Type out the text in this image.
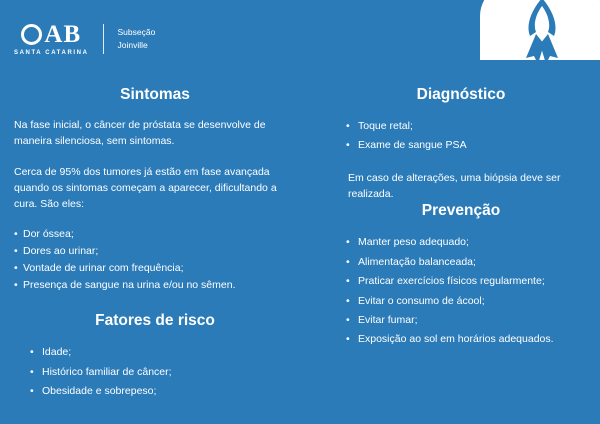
AB
SANTA CATARINA
Subseção
Joinville
Sintomas

Na fase inicial, o câncer de próstata se desenvolve de maneira silenciosa, sem sintomas.

Cerca de 95% dos tumores já estão em fase avançada quando os sintomas começam a aparecer, dificultando a cura. São eles:

• Dor óssea;
• Dores ao urinar;
• Vontade de urinar com frequência;
• Presença de sangue na urina e/ou no sêmen.
Fatores de risco
• Idade;
• Histórico familiar de câncer;
• Obesidade e sobrepeso;
Diagnóstico
• Toque retal;
• Exame de sangue PSA

Em caso de alterações, uma biópsia deve ser realizada.

Prevenção
• Manter peso adequado;
• Alimentação balanceada;
• Praticar exercícios físicos regularmente;
• Evitar o consumo de ácool;
• Evitar fumar;
• Exposição ao sol em horários adequados.
